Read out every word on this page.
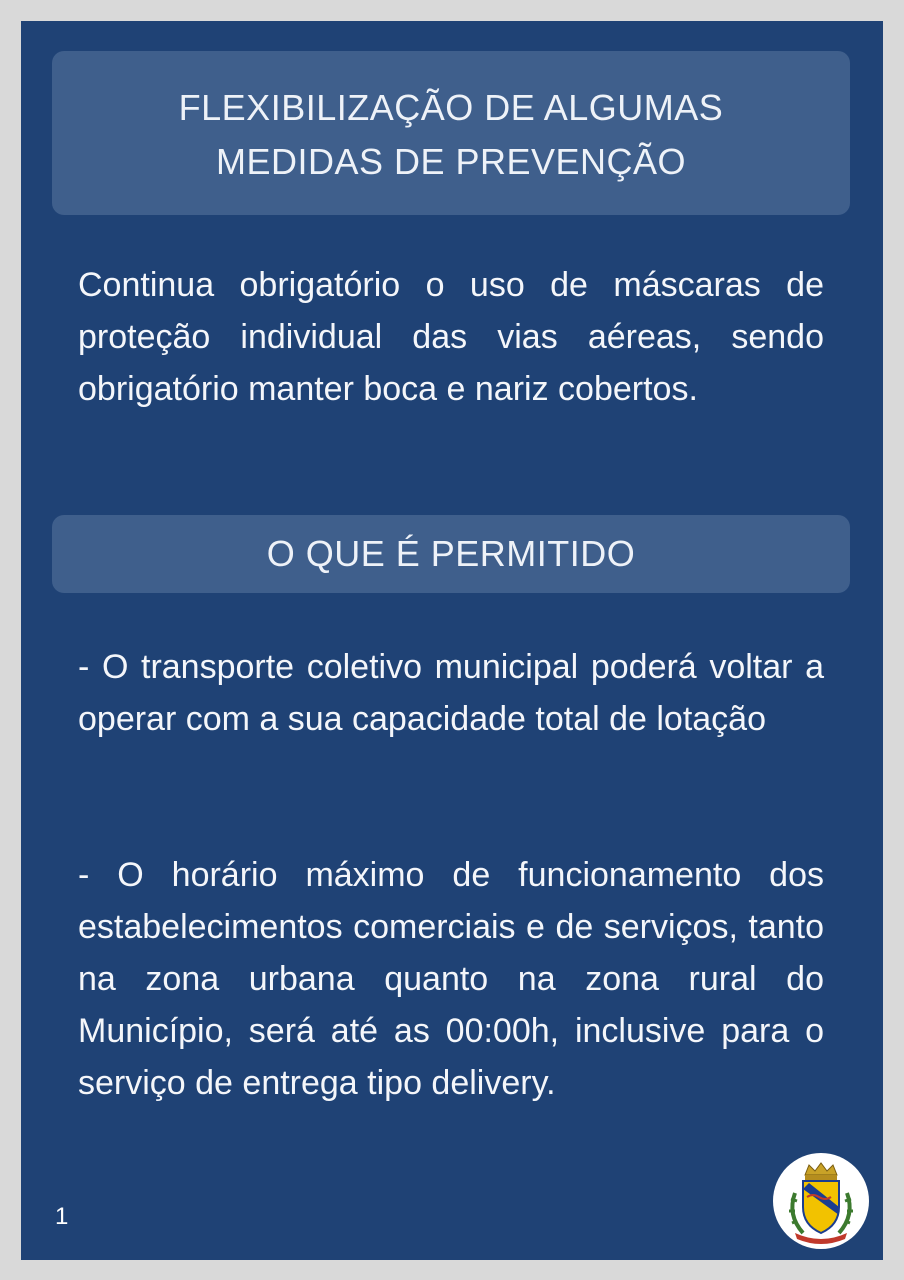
FLEXIBILIZAÇÃO DE ALGUMAS
MEDIDAS DE PREVENÇÃO

Continua obrigatório o uso de máscaras de proteção individual das vias aéreas, sendo obrigatório manter boca e nariz cobertos.

O QUE É PERMITIDO

- O transporte coletivo municipal poderá voltar a operar com a sua capacidade total de lotação

- O horário máximo de funcionamento dos estabelecimentos comerciais e de serviços, tanto na zona urbana quanto na zona rural do Município, será até as 00:00h, inclusive para o serviço de entrega tipo delivery.

1
